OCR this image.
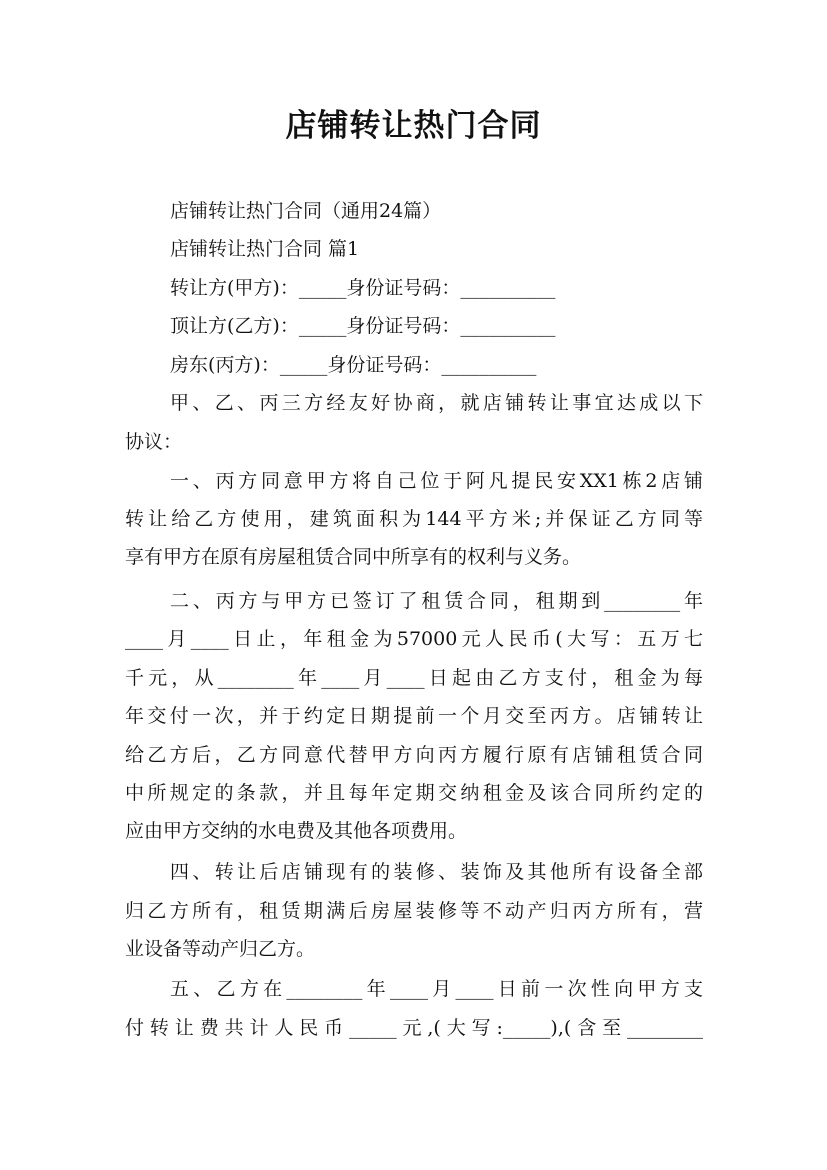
店铺转让热门合同
店铺转让热门合同（通用24篇）
店铺转让热门合同 篇1
转让方(甲方)：_____身份证号码：__________
顶让方(乙方)：_____身份证号码：__________
房东(丙方)：_____身份证号码：__________
甲、乙、丙三方经友好协商，就店铺转让事宜达成以下
协议：
一、丙方同意甲方将自己位于阿凡提民安XX1栋2店铺
转让给乙方使用，建筑面积为144平方米;并保证乙方同等
享有甲方在原有房屋租赁合同中所享有的权利与义务。
二、丙方与甲方已签订了租赁合同，租期到________年
____月____日止，年租金为57000元人民币(大写：五万七
千元，从________年____月____日起由乙方支付，租金为每
年交付一次，并于约定日期提前一个月交至丙方。店铺转让
给乙方后，乙方同意代替甲方向丙方履行原有店铺租赁合同
中所规定的条款，并且每年定期交纳租金及该合同所约定的
应由甲方交纳的水电费及其他各项费用。
四、转让后店铺现有的装修、装饰及其他所有设备全部
归乙方所有，租赁期满后房屋装修等不动产归丙方所有，营
业设备等动产归乙方。
五、乙方在________年____月____日前一次性向甲方支
付转让费共计人民币_____元,(大写:_____),(含至________
